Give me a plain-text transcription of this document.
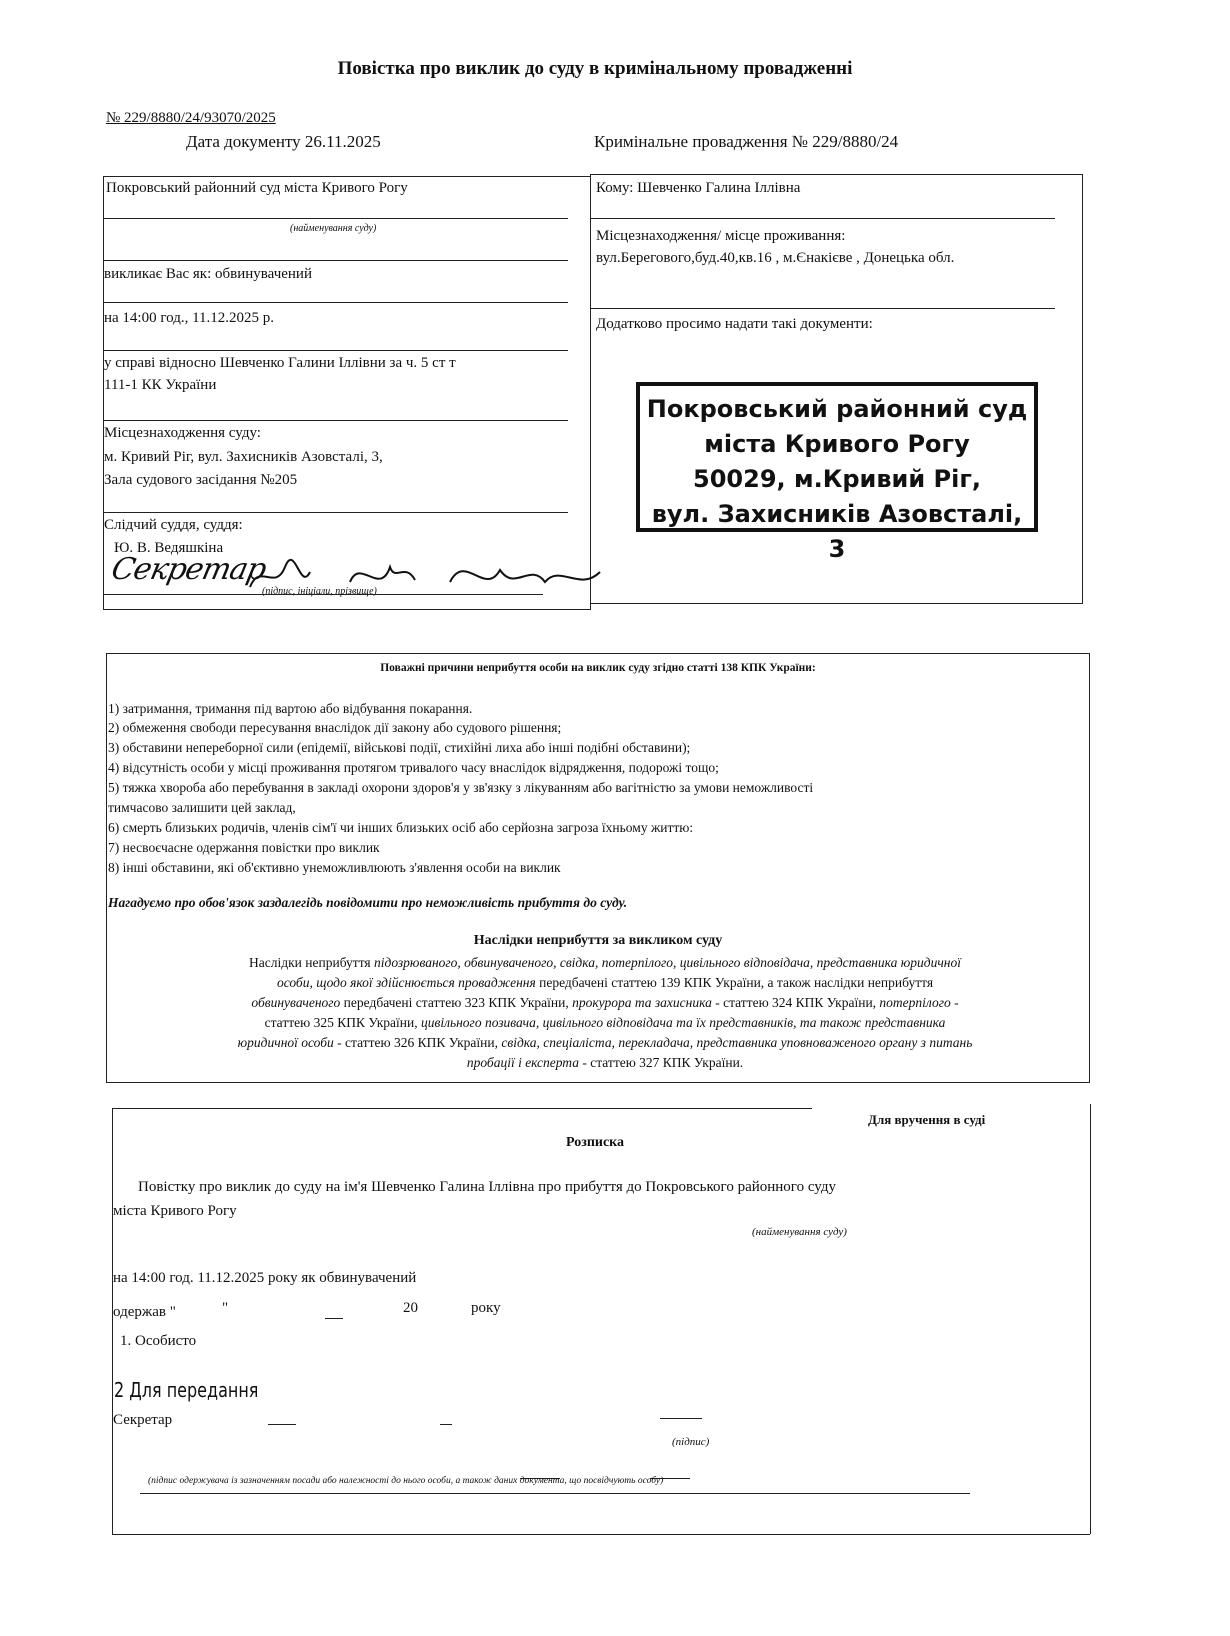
Повістка про виклик до суду в кримінальному провадженні
№ 229/8880/24/93070/2025
Дата документу 26.11.2025	Кримінальне провадження № 229/8880/24
Покровський районний суд міста Кривого Рогу
(найменування суду)
викликає Вас як: обвинувачений
на 14:00 год., 11.12.2025 р.
у справі відносно Шевченко Галини Іллівни за ч. 5 ст т
111-1 КК України
Місцезнаходження суду:
м. Кривий Ріг, вул. Захисників Азовсталі, 3,
Зала судового засідання №205
Слідчий суддя, суддя:
Ю. В. Ведяшкіна
Секретар
(підпис, ініціали, прізвище)
Кому: Шевченко Галина Іллівна
Місцезнаходження/ місце проживання:
вул.Берегового,буд.40,кв.16 , м.Єнакієве , Донецька обл.
Додатково просимо надати такі документи:
Покровський районний суд
міста Кривого Рогу
50029, м.Кривий Ріг,
вул. Захисників Азовсталі, 3
Поважні причини неприбуття особи на виклик суду згідно статті 138 КПК України:
1) затримання, тримання під вартою або відбування покарання.
2) обмеження свободи пересування внаслідок дії закону або судового рішення;
3) обставини непереборної сили (епідемії, військові події, стихійні лиха або інші подібні обставини);
4) відсутність особи у місці проживання протягом тривалого часу внаслідок відрядження, подорожі тощо;
5) тяжка хвороба або перебування в закладі охорони здоров'я у зв'язку з лікуванням або вагітністю за умови неможливості
тимчасово залишити цей заклад,
6) смерть близьких родичів, членів сім'ї чи інших близьких осіб або серйозна загроза їхньому життю:
7) несвоєчасне одержання повістки про виклик
8) інші обставини, які об'єктивно унеможливлюють з'явлення особи на виклик
Нагадуємо про обов'язок заздалегідь повідомити про неможливість прибуття до суду.
Наслідки неприбуття за викликом суду
Наслідки неприбуття підозрюваного, обвинуваченого, свідка, потерпілого, цивільного відповідача, представника юридичної
особи, щодо якої здійснюється провадження передбачені статтею 139 КПК України, а також наслідки неприбуття
обвинуваченого передбачені статтею 323 КПК України, прокурора та захисника - статтею 324 КПК України, потерпілого -
статтею 325 КПК України, цивільного позивача, цивільного відповідача та їх представників, та також представника
юридичної особи - статтею 326 КПК України, свідка, спеціаліста, перекладача, представника уповноваженого органу з питань
пробації і експерта - статтею 327 КПК України.
Для вручення в суді
Розписка
Повістку про виклик до суду на ім'я Шевченко Галина Іллівна про прибуття до Покровського районного суду
міста Кривого Рогу
(найменування суду)
на 14:00 год. 11.12.2025 року як обвинувачений
одержав "	"	20	року
1. Особисто
2 Для передання
Секретар
(підпис)
(підпис одержувача із зазначенням посади або належності до нього особи, а також даних документа, що посвідчують особу)
